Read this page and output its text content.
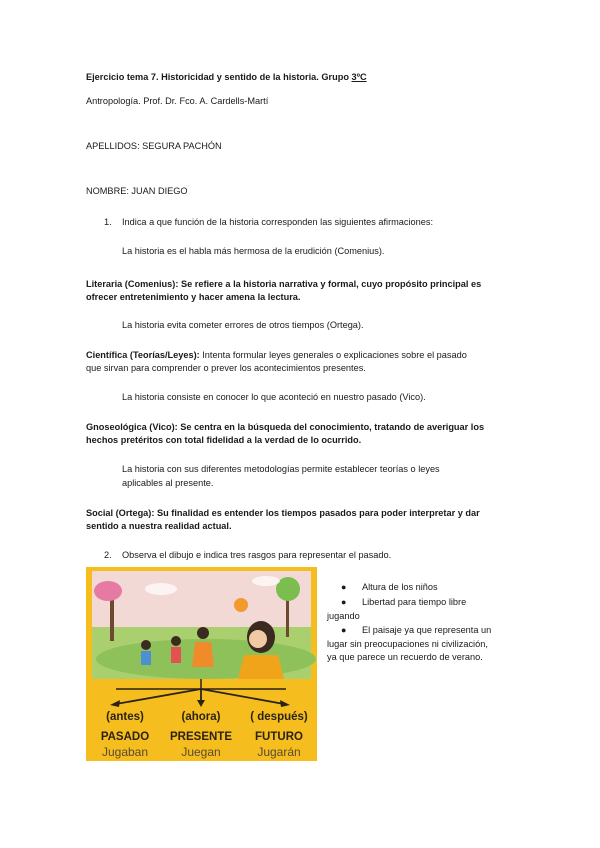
Ejercicio tema 7. Historicidad y sentido de la historia. Grupo 3ºC
Antropología. Prof. Dr. Fco. A. Cardells-Martí
APELLIDOS: SEGURA PACHÓN
NOMBRE: JUAN DIEGO
1. Indica a que función de la historia corresponden las siguientes afirmaciones:
La historia es el habla más hermosa de la erudición (Comenius).
Literaria (Comenius): Se refiere a la historia narrativa y formal, cuyo propósito principal es
ofrecer entretenimiento y hacer amena la lectura.
La historia evita cometer errores de otros tiempos (Ortega).
Científica (Teorías/Leyes): Intenta formular leyes generales o explicaciones sobre el pasado
que sirvan para comprender o prever los acontecimientos presentes.
La historia consiste en conocer lo que aconteció en nuestro pasado (Vico).
Gnoseológica (Vico): Se centra en la búsqueda del conocimiento, tratando de averiguar los
hechos pretéritos con total fidelidad a la verdad de lo ocurrido.
La historia con sus diferentes metodologías permite establecer teorías o leyes
aplicables al presente.
Social (Ortega): Su finalidad es entender los tiempos pasados para poder interpretar y dar
sentido a nuestra realidad actual.
2. Observa el dibujo e indica tres rasgos para representar el pasado.
(antes)	(ahora)	( después)
PASADO	PRESENTE	FUTURO
Jugaban	Juegan	Jugarán
● Altura de los niños
● Libertad para tiempo libre
jugando
● El paisaje ya que representa un
lugar sin preocupaciones ni civilización,
ya que parece un recuerdo de verano.
